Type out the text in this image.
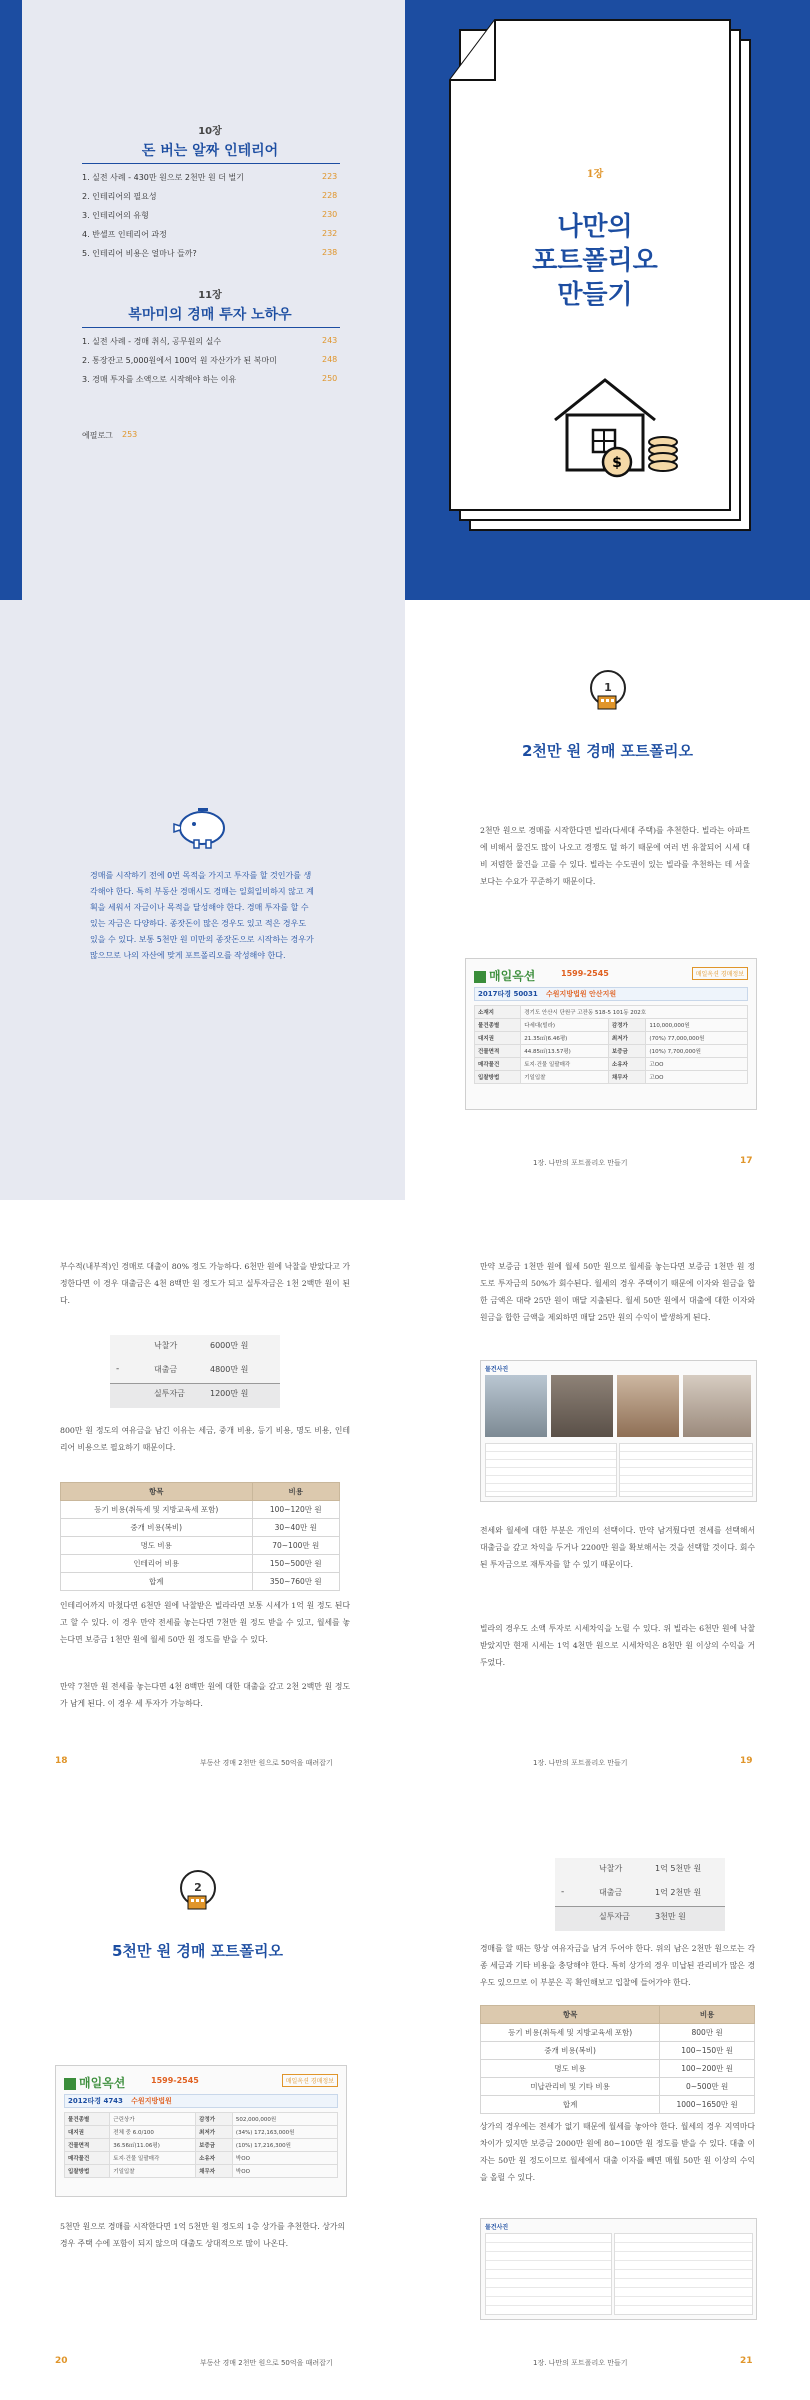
10장
돈 버는 알짜 인테리어
1. 실전 사례 - 430만 원으로 2천만 원 더 벌기	223
2. 인테리어의 필요성	228
3. 인테리어의 유형	230
4. 반셀프 인테리어 과정	232
5. 인테리어 비용은 얼마나 들까?	238
11장
복마미의 경매 투자 노하우
1. 실전 사례 - 경매 취식, 공무원의 실수	243
2. 통장잔고 5,000원에서 100억 원 자산가가 된 복마미	248
3. 경매 투자를 소액으로 시작해야 하는 이유	250
에필로그 253
1장
나만의
포트폴리오
만들기
$
경매를 시작하기 전에 0번 목적을 가지고 투자를 할 것인가를 생각해야 한다. 특히 부동산 경매시도 경매는 일회일비하지 않고 계획을 세워서 자금이나 목적을 달성해야 한다. 경매 투자를 할 수 있는 자금은 다양하다. 종잣돈이 많은 경우도 있고 적은 경우도 있을 수 있다. 보통 5천만 원 미만의 종잣돈으로 시작하는 경우가 많으므로 나의 자산에 맞게 포트폴리오를 작성해야 한다.
1
2천만 원 경매 포트폴리오
2천만 원으로 경매를 시작한다면 빌라(다세대 주택)를 추천한다. 빌라는 아파트에 비해서 물건도 많이 나오고 경쟁도 덜 하기 때문에 여러 번 유찰되어 시세 대비 저렴한 물건을 고를 수 있다. 빌라는 수도권이 있는 빌라를 추천하는 데 서울보다는 수요가 꾸준하기 때문이다.
매일옥션	1599-2545	매일옥션 경매정보
2017타경 50031 수원지방법원 안산지원
소재지	경기도 안산시 단원구 고잔동 518-5 101동 202호		
물건종별	다세대(빌라)	감정가	110,000,000원
대지권	21.35㎡(6.46평)	최저가	(70%) 77,000,000원
건물면적	44.85㎡(13.57평)	보증금	(10%) 7,700,000원
매각물건	토지·건물 일괄매각	소유자	고OO
입찰방법	기일입찰	채무자	고OO
1장. 나만의 포트폴리오 만들기	17
부수적(내부적)인 경매로 대출이 80% 정도 가능하다. 6천만 원에 낙찰을 받았다고 가정한다면 이 경우 대출금은 4천 8백만 원 정도가 되고 실투자금은 1천 2백만 원이 된다.
-
낙찰가	6000만 원
대출금	4800만 원
실투자금	1200만 원
800만 원 정도의 여유금을 남긴 이유는 세금, 중개 비용, 등기 비용, 명도 비용, 인테리어 비용으로 필요하기 때문이다.
항목	비용
등기 비용(취득세 및 지방교육세 포함)	100~120만 원
중개 비용(복비)	30~40만 원
명도 비용	70~100만 원
인테리어 비용	150~500만 원
합계	350~760만 원
인테리어까지 마쳤다면 6천만 원에 낙찰받은 빌라라면 보통 시세가 1억 원 정도 된다고 할 수 있다. 이 경우 만약 전세를 놓는다면 7천만 원 정도 받을 수 있고, 월세를 놓는다면 보증금 1천만 원에 월세 50만 원 정도를 받을 수 있다.
만약 7천만 원 전세를 놓는다면 4천 8백만 원에 대한 대출을 갚고 2천 2백만 원 정도가 남게 된다. 이 경우 세 투자가 가능하다.
18	부동산 경매 2천만 원으로 50억을 때려잡기
만약 보증금 1천만 원에 월세 50만 원으로 월세를 놓는다면 보증금 1천만 원 정도로 투자금의 50%가 회수된다. 월세의 경우 주택이기 때문에 이자와 원금을 합한 금액은 대략 25만 원이 매달 지출된다. 월세 50만 원에서 대출에 대한 이자와 원금을 합한 금액을 제외하면 매달 25만 원의 수익이 발생하게 된다.
물건사진
전세와 월세에 대한 부분은 개인의 선택이다. 만약 남겨뒀다면 전세를 선택해서 대출금을 갚고 차익을 두거나 2200만 원을 확보해서는 것을 선택할 것이다. 회수된 투자금으로 재투자를 할 수 있기 때문이다.
빌라의 경우도 소액 투자로 시세차익을 노릴 수 있다. 위 빌라는 6천만 원에 낙찰받았지만 현재 시세는 1억 4천만 원으로 시세차익은 8천만 원 이상의 수익을 거두었다.
1장. 나만의 포트폴리오 만들기	19
2
5천만 원 경매 포트폴리오
매일옥션	1599-2545	매일옥션 경매정보
2012타경 4743 수원지방법원
물건종별	근린상가	감정가	502,000,000원
대지권	전체 중 6.0/100	최저가	(34%) 172,163,000원
건물면적	36.56㎡(11.06평)	보증금	(10%) 17,216,300원
매각물건	토지·건물 일괄매각	소유자	박OO
입찰방법	기일입찰	채무자	박OO
5천만 원으로 경매를 시작한다면 1억 5천만 원 정도의 1층 상가를 추천한다. 상가의 경우 주택 수에 포함이 되지 않으며 대출도 상대적으로 많이 나온다.
20	부동산 경매 2천만 원으로 50억을 때려잡기
-
낙찰가	1억 5천만 원
대출금	1억 2천만 원
실투자금	3천만 원
경매를 할 때는 항상 여유자금을 남겨 두어야 한다. 위의 남은 2천만 원으로는 각종 세금과 기타 비용을 충당해야 한다. 특히 상가의 경우 미납된 관리비가 많은 경우도 있으므로 이 부분은 꼭 확인해보고 입찰에 들어가야 한다.
항목	비용
등기 비용(취득세 및 지방교육세 포함)	800만 원
중개 비용(복비)	100~150만 원
명도 비용	100~200만 원
미납관리비 및 기타 비용	0~500만 원
합계	1000~1650만 원
상가의 경우에는 전세가 없기 때문에 월세를 놓아야 한다. 월세의 경우 지역마다 차이가 있지만 보증금 2000만 원에 80~100만 원 정도를 받을 수 있다. 대출 이자는 50만 원 정도이므로 월세에서 대출 이자를 빼면 매월 50만 원 이상의 수익을 올릴 수 있다.
물건사진
1장. 나만의 포트폴리오 만들기	21
